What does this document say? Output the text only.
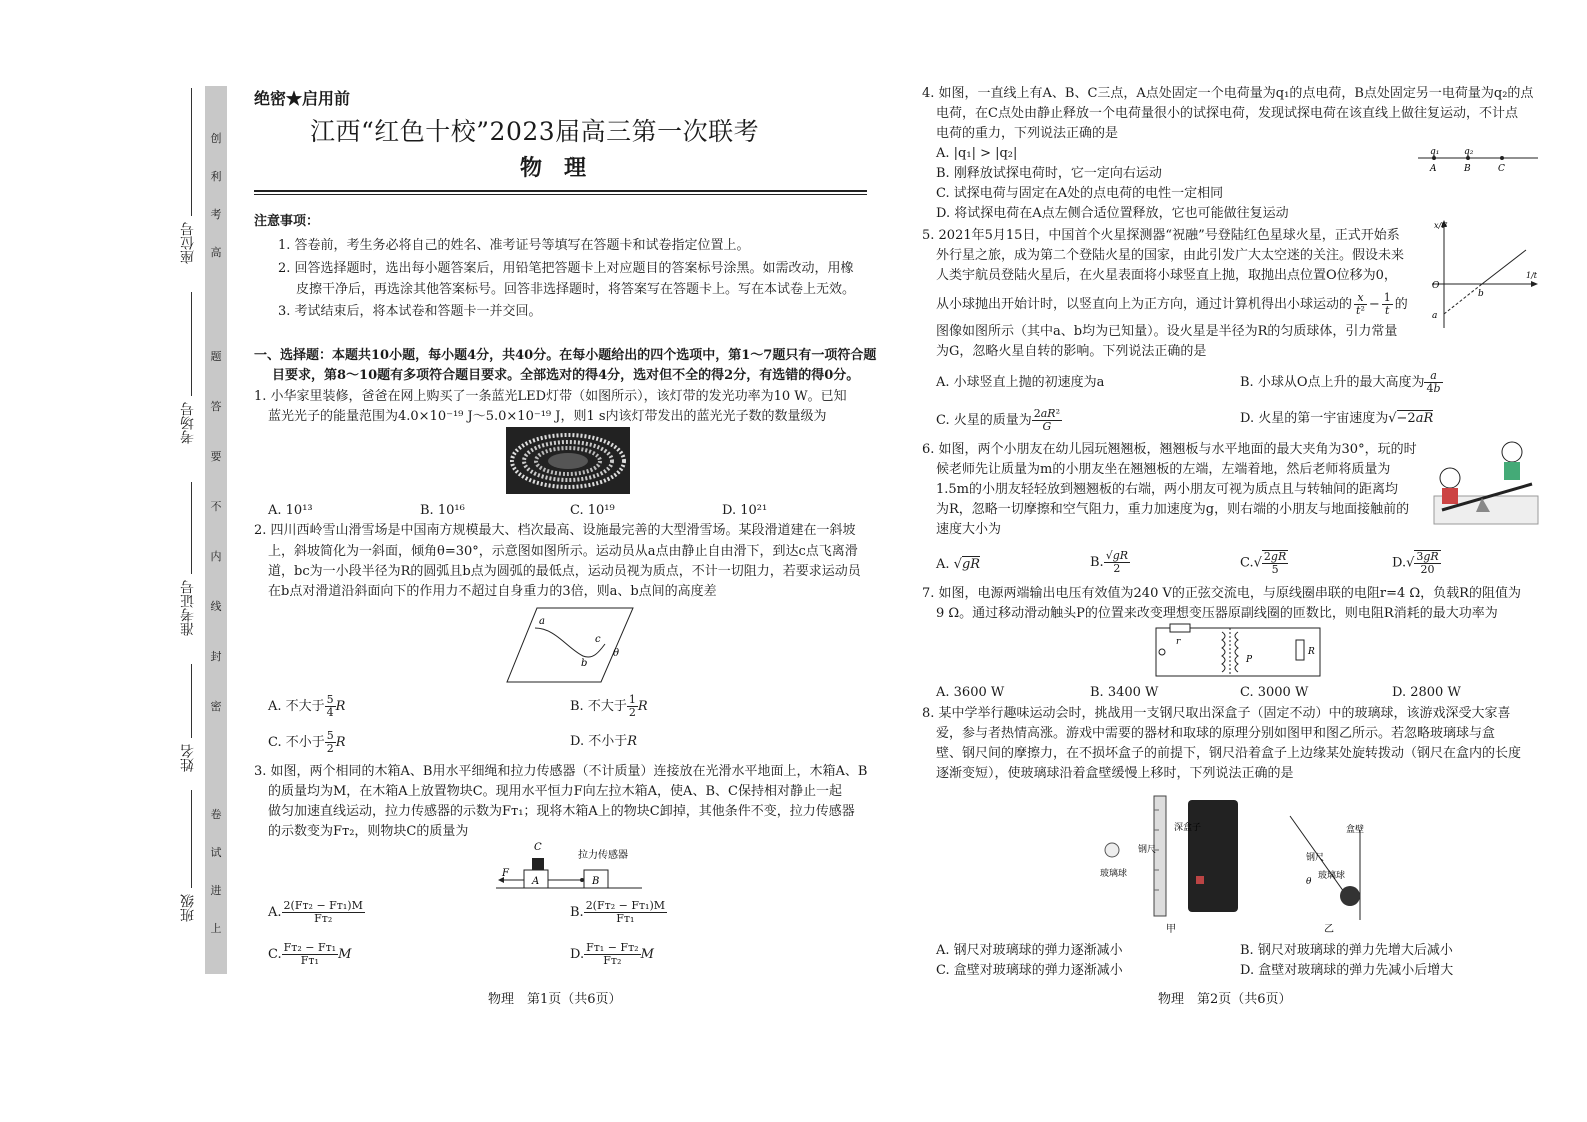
创
利
考
高
题
答
要
不
内
线
封
密
卷
试
进
上
座位号
考场号
准考证号
姓名
班级
绝密★启用前
江西“红色十校”2023届高三第一次联考
物　理
注意事项：
1. 答卷前，考生务必将自己的姓名、准考证号等填写在答题卡和试卷指定位置上。
2. 回答选择题时，选出每小题答案后，用铅笔把答题卡上对应题目的答案标号涂黑。如需改动，用橡
皮擦干净后，再选涂其他答案标号。回答非选择题时，将答案写在答题卡上。写在本试卷上无效。
3. 考试结束后，将本试卷和答题卡一并交回。
一、选择题：本题共10小题，每小题4分，共40分。在每小题给出的四个选项中，第1～7题只有一项符合题
目要求，第8～10题有多项符合题目要求。全部选对的得4分，选对但不全的得2分，有选错的得0分。
1. 小华家里装修，爸爸在网上购买了一条蓝光LED灯带（如图所示），该灯带的发光功率为10 W。已知
蓝光光子的能量范围为4.0×10⁻¹⁹ J～5.0×10⁻¹⁹ J，则1 s内该灯带发出的蓝光光子数的数量级为
A. 10¹³	B. 10¹⁶	C. 10¹⁹	D. 10²¹
2. 四川西岭雪山滑雪场是中国南方规模最大、档次最高、设施最完善的大型滑雪场。某段滑道建在一斜坡
上，斜坡简化为一斜面，倾角θ=30°，示意图如图所示。运动员从a点由静止自由滑下，到达c点飞离滑
道，bc为一小段半径为R的圆弧且b点为圆弧的最低点，运动员视为质点，不计一切阻力，若要求运动员
在b点对滑道沿斜面向下的作用力不超过自身重力的3倍，则a、b点间的高度差
a
b
c
θ
A. 不大于 $\frac{5}{4}$ R	B. 不大于 $\frac{1}{2}$ R
C. 不小于 $\frac{5}{2}$ R	D. 不小于R
3. 如图，两个相同的木箱A、B用水平细绳和拉力传感器（不计质量）连接放在光滑水平地面上，木箱A、B
的质量均为M，在木箱A上放置物块C。现用水平恒力F向左拉木箱A，使A、B、C保持相对静止一起
做匀加速直线运动，拉力传感器的示数为Fᴛ₁；现将木箱A上的物块C卸掉，其他条件不变，拉力传感器
的示数变为Fᴛ₂，则物块C的质量为
C
A	B
F
拉力传感器
A. $\frac{\text{2(Fᴛ₂ − Fᴛ₁)M}}{\text{Fᴛ₂}}$	B. $\frac{\text{2(Fᴛ₂ − Fᴛ₁)M}}{\text{Fᴛ₁}}$
C. $\frac{\text{Fᴛ₂ − Fᴛ₁}}{\text{Fᴛ₁}}$ M	D. $\frac{\text{Fᴛ₁ − Fᴛ₂}}{\text{Fᴛ₂}}$ M
物理　第1页（共6页）
4. 如图，一直线上有A、B、C三点，A点处固定一个电荷量为q₁的点电荷，B点处固定另一电荷量为q₂的点
电荷，在C点处由静止释放一个电荷量很小的试探电荷，发现试探电荷在该直线上做往复运动，不计点
电荷的重力，下列说法正确的是
A. |q₁| > |q₂|
B. 刚释放试探电荷时，它一定向右运动
C. 试探电荷与固定在A处的点电荷的电性一定相同
D. 将试探电荷在A点左侧合适位置释放，它也可能做往复运动
q₁	q₂
A	B	C
5. 2021年5月15日，中国首个火星探测器“祝融”号登陆红色星球火星，正式开始系
外行星之旅，成为第二个登陆火星的国家，由此引发广大太空迷的关注。假设未来
人类宇航员登陆火星后，在火星表面将小球竖直上抛，取抛出点位置O位移为0，
从小球抛出开始计时，以竖直向上为正方向，通过计算机得出小球运动的 $\frac{x}{\text{t²}} - \frac{1}{t}$ 的
图像如图所示（其中a、b均为已知量）。设火星是半径为R的匀质球体，引力常量
为G，忽略火星自转的影响。下列说法正确的是
x/t²
1/t
O
b
a
A. 小球竖直上抛的初速度为a	B. 小球从O点上升的最大高度为 $\frac{a}{4b}$
C. 火星的质量为 $\frac{\text{2aR²}}{G}$	D. 火星的第一宇宙速度为√−2aR
6. 如图，两个小朋友在幼儿园玩翘翘板，翘翘板与水平地面的最大夹角为30°，玩的时
候老师先让质量为m的小朋友坐在翘翘板的左端，左端着地，然后老师将质量为
1.5m的小朋友轻轻放到翘翘板的右端，两小朋友可视为质点且与转轴间的距离均
为R，忽略一切摩擦和空气阻力，重力加速度为g，则右端的小朋友与地面接触前的
速度大小为
A. √gR	B. $\frac{√gR}{2}$	$C.√ \frac{2gR}{5}$	$D.√ \frac{3gR}{20}$
7. 如图，电源两端输出电压有效值为240 V的正弦交流电，与原线圈串联的电阻r=4 Ω，负载R的阻值为
9 Ω。通过移动滑动触头P的位置来改变理想变压器原副线圈的匝数比，则电阻R消耗的最大功率为
r
P
R
A. 3600 W	B. 3400 W	C. 3000 W	D. 2800 W
8. 某中学举行趣味运动会时，挑战用一支钢尺取出深盒子（固定不动）中的玻璃球，该游戏深受大家喜
爱，参与者热情高涨。游戏中需要的器材和取球的原理分别如图甲和图乙所示。若忽略玻璃球与盒
壁、钢尺间的摩擦力，在不损坏盒子的前提下，钢尺沿着盒子上边缘某处旋转拨动（钢尺在盒内的长度
逐渐变短），使玻璃球沿着盒壁缓慢上移时，下列说法正确的是
玻璃球
钢尺
深盒子
甲
钢尺
玻璃球
盒壁
θ
乙
A. 钢尺对玻璃球的弹力逐渐减小	B. 钢尺对玻璃球的弹力先增大后减小
C. 盒壁对玻璃球的弹力逐渐减小	D. 盒壁对玻璃球的弹力先减小后增大
物理　第2页（共6页）
